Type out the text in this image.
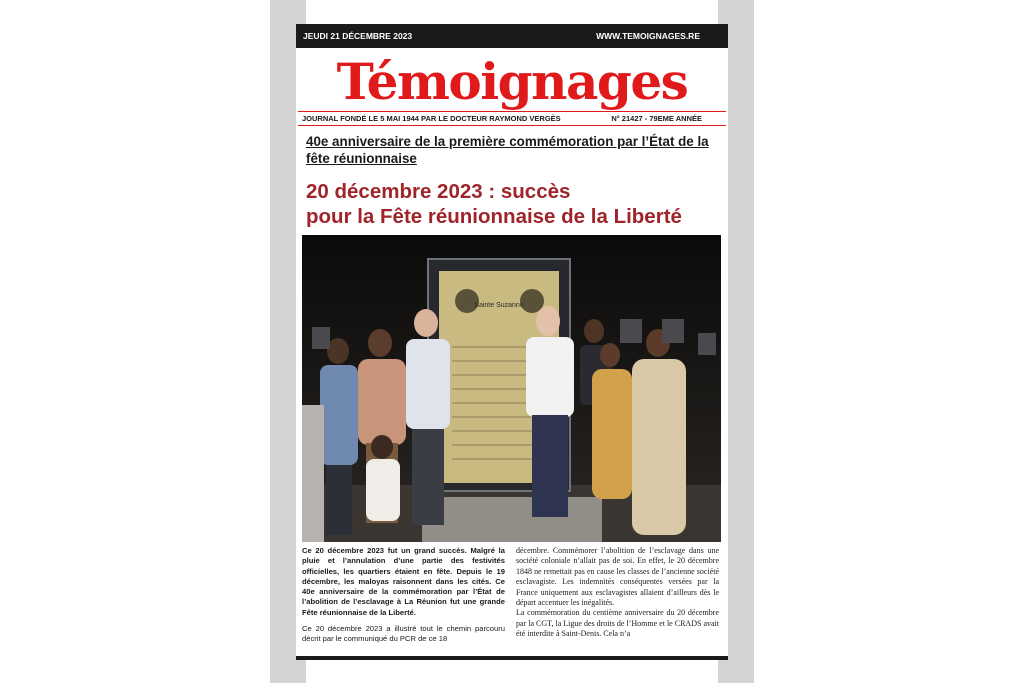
JEUDI 21 DÉCEMBRE 2023	WWW.TEMOIGNAGES.RE
Témoignages
JOURNAL FONDÉ LE 5 MAI 1944 PAR LE DOCTEUR RAYMOND VERGÈS	N° 21427 - 79EME ANNÉE
40e anniversaire de la première commémoration par l’État de la fête réunionnaise
20 décembre 2023 : succès
pour la Fête réunionnaise de la Liberté
Sainte Suzanne

Ce 20 décembre 2023 fut un grand succès. Malgré la pluie et l’annulation d’une partie des festivités officielles, les quartiers étaient en fête. Depuis le 19 décembre, les maloyas raisonnent dans les cités. Ce 40e anniversaire de la commémoration par l’État de l’abolition de l’esclavage à La Réunion fut une grande Fête réunionnaise de la Liberté.

Ce 20 décembre 2023 a illustré tout le chemin parcouru décrit par le communiqué du PCR de ce 18

décembre. Commémorer l’abolition de l’esclavage dans une société coloniale n’allait pas de soi. En effet, le 20 décembre 1848 ne remettait pas en cause les classes de l’ancienne société esclavagiste. Les indemnités conséquentes versées par la France uniquement aux esclavagistes allaient d’ailleurs dès le départ accentuer les inégalités.

La commémoration du centième anniversaire du 20 décembre par la CGT, la Ligue des droits de l’Homme et le CRADS avait été interdite à Saint-Denis. Cela n’a
